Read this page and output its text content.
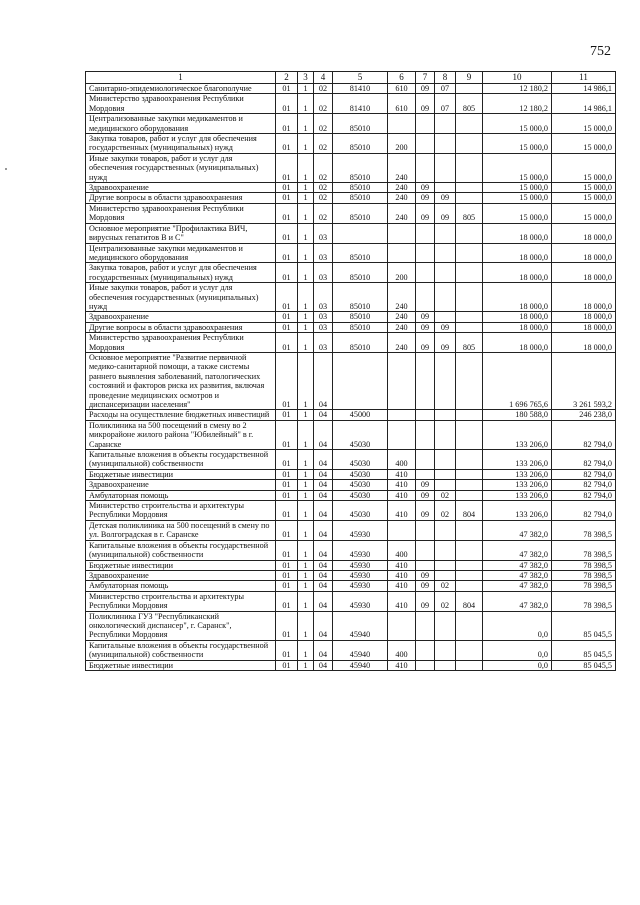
752
1	2	3	4	5	6	7	8	9	10	11
Санитарно-эпидемиологическое благополучие	01	1	02	81410	610	09	07		12 180,2	14 986,1
Министерство здравоохранения Республики Мордовия	01	1	02	81410	610	09	07	805	12 180,2	14 986,1
Централизованные закупки медикаментов и медицинского оборудования	01	1	02	85010					15 000,0	15 000,0
Закупка товаров, работ и услуг для обеспечения государственных (муниципальных) нужд	01	1	02	85010	200				15 000,0	15 000,0
Иные закупки товаров, работ и услуг для обеспечения государственных (муниципальных) нужд	01	1	02	85010	240				15 000,0	15 000,0
Здравоохранение	01	1	02	85010	240	09			15 000,0	15 000,0
Другие вопросы в области здравоохранения	01	1	02	85010	240	09	09		15 000,0	15 000,0
Министерство здравоохранения Республики Мордовия	01	1	02	85010	240	09	09	805	15 000,0	15 000,0
Основное мероприятие "Профилактика ВИЧ, вирусных гепатитов В и С"	01	1	03						18 000,0	18 000,0
Централизованные закупки медикаментов и медицинского оборудования	01	1	03	85010					18 000,0	18 000,0
Закупка товаров, работ и услуг для обеспечения государственных (муниципальных) нужд	01	1	03	85010	200				18 000,0	18 000,0
Иные закупки товаров, работ и услуг для обеспечения государственных (муниципальных) нужд	01	1	03	85010	240				18 000,0	18 000,0
Здравоохранение	01	1	03	85010	240	09			18 000,0	18 000,0
Другие вопросы в области здравоохранения	01	1	03	85010	240	09	09		18 000,0	18 000,0
Министерство здравоохранения Республики Мордовия	01	1	03	85010	240	09	09	805	18 000,0	18 000,0
Основное мероприятие "Развитие первичной медико-санитарной помощи, а также системы раннего выявления заболеваний, патологических состояний и факторов риска их развития, включая проведение медицинских осмотров и диспансеризации населения"	01	1	04						1 696 765,6	3 261 593,2
Расходы на осуществление бюджетных инвестиций	01	1	04	45000					180 588,0	246 238,0
Поликлиника на 500 посещений в смену во 2 микрорайоне жилого района "Юбилейный" в г. Саранске	01	1	04	45030					133 206,0	82 794,0
Капитальные вложения в объекты государственной (муниципальной) собственности	01	1	04	45030	400				133 206,0	82 794,0
Бюджетные инвестиции	01	1	04	45030	410				133 206,0	82 794,0
Здравоохранение	01	1	04	45030	410	09			133 206,0	82 794,0
Амбулаторная помощь	01	1	04	45030	410	09	02		133 206,0	82 794,0
Министерство строительства и архитектуры Республики Мордовия	01	1	04	45030	410	09	02	804	133 206,0	82 794,0
Детская поликлиника на 500 посещений в смену по ул. Волгоградская в г. Саранске	01	1	04	45930					47 382,0	78 398,5
Капитальные вложения в объекты государственной (муниципальной) собственности	01	1	04	45930	400				47 382,0	78 398,5
Бюджетные инвестиции	01	1	04	45930	410				47 382,0	78 398,5
Здравоохранение	01	1	04	45930	410	09			47 382,0	78 398,5
Амбулаторная помощь	01	1	04	45930	410	09	02		47 382,0	78 398,5
Министерство строительства и архитектуры Республики Мордовия	01	1	04	45930	410	09	02	804	47 382,0	78 398,5
Поликлиника ГУЗ "Республиканский онкологический диспансер", г. Саранск", Республики Мордовия	01	1	04	45940					0,0	85 045,5
Капитальные вложения в объекты государственной (муниципальной) собственности	01	1	04	45940	400				0,0	85 045,5
Бюджетные инвестиции	01	1	04	45940	410				0,0	85 045,5
